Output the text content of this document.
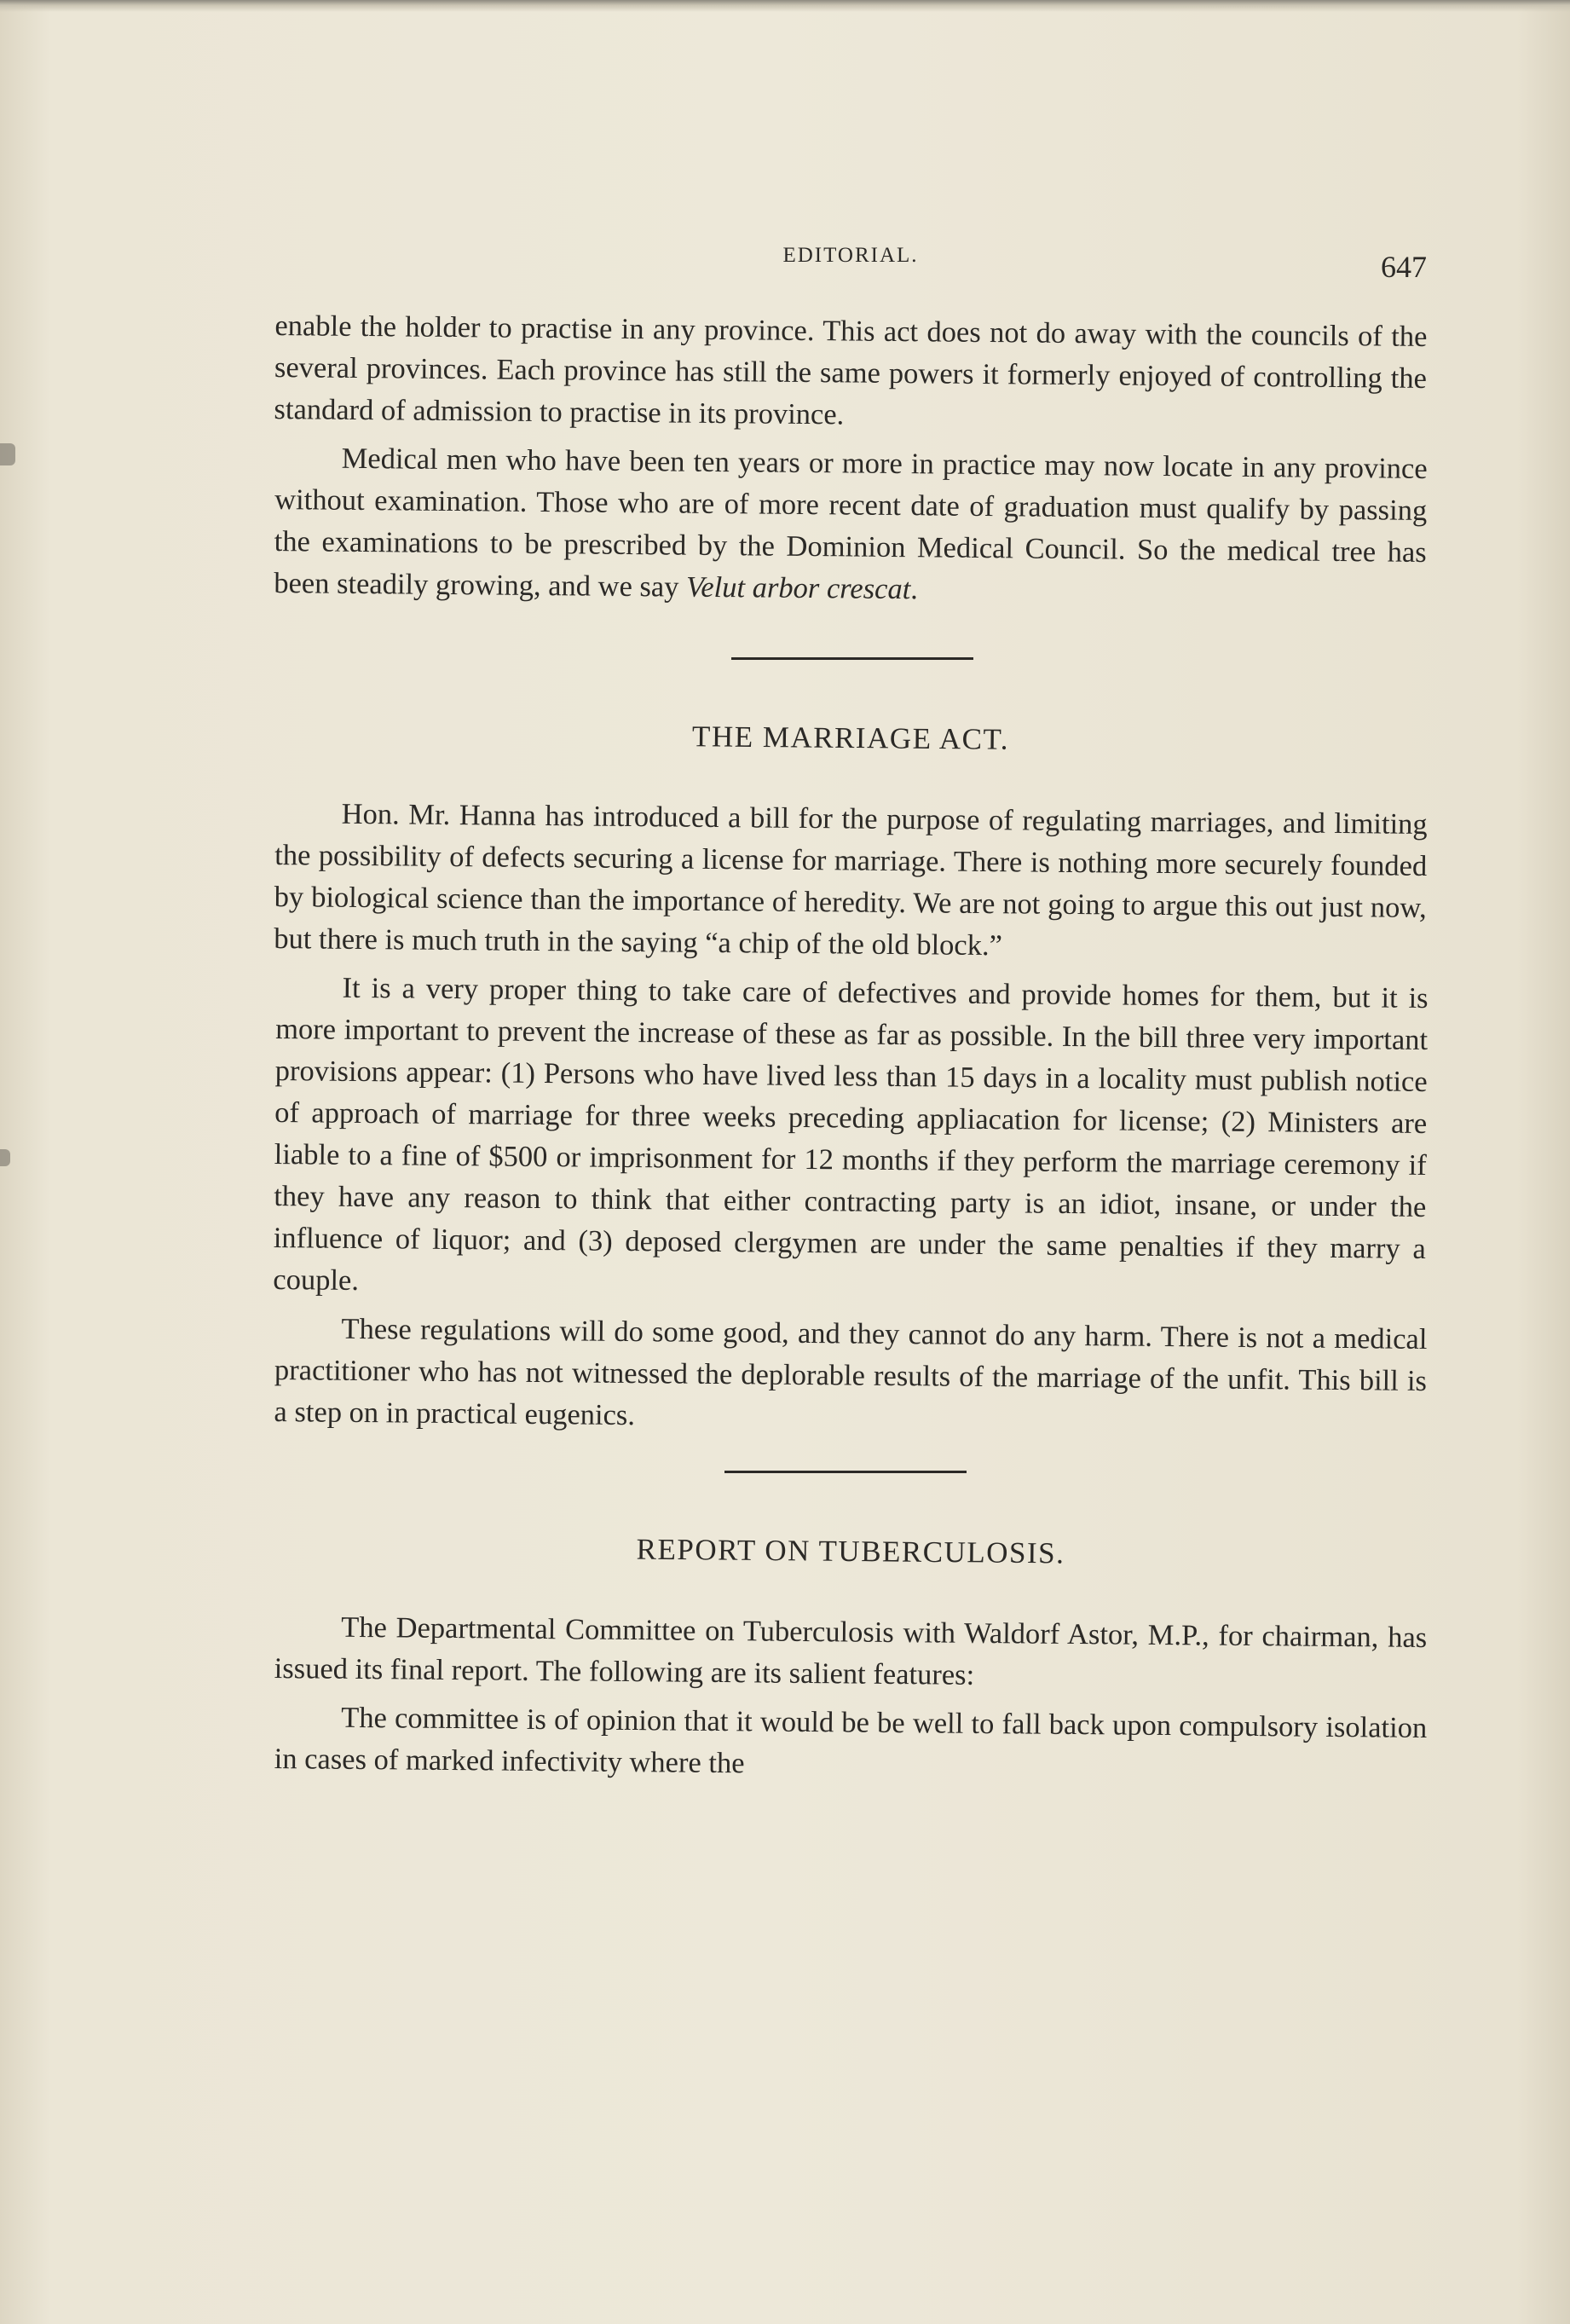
EDITORIAL.	647

enable the holder to practise in any province. This act does not do away with the councils of the several provinces. Each province has still the same powers it formerly enjoyed of controlling the standard of admission to practise in its province.

Medical men who have been ten years or more in practice may now locate in any province without examination. Those who are of more recent date of graduation must qualify by passing the examinations to be prescribed by the Dominion Medical Council. So the medical tree has been steadily growing, and we say Velut arbor crescat.

THE MARRIAGE ACT.

Hon. Mr. Hanna has introduced a bill for the purpose of regulating marriages, and limiting the possibility of defects securing a license for marriage. There is nothing more securely founded by biological science than the importance of heredity. We are not going to argue this out just now, but there is much truth in the saying “a chip of the old block.”

It is a very proper thing to take care of defectives and provide homes for them, but it is more important to prevent the increase of these as far as possible. In the bill three very important provisions appear: (1) Persons who have lived less than 15 days in a locality must publish notice of approach of marriage for three weeks preceding appliacation for license; (2) Ministers are liable to a fine of $500 or imprisonment for 12 months if they perform the marriage ceremony if they have any reason to think that either contracting party is an idiot, insane, or under the influence of liquor; and (3) deposed clergymen are under the same penalties if they marry a couple.

These regulations will do some good, and they cannot do any harm. There is not a medical practitioner who has not witnessed the deplorable results of the marriage of the unfit. This bill is a step on in practical eugenics.

REPORT ON TUBERCULOSIS.

The Departmental Committee on Tuberculosis with Waldorf Astor, M.P., for chairman, has issued its final report. The following are its salient features:

The committee is of opinion that it would be be well to fall back upon compulsory isolation in cases of marked infectivity where the
